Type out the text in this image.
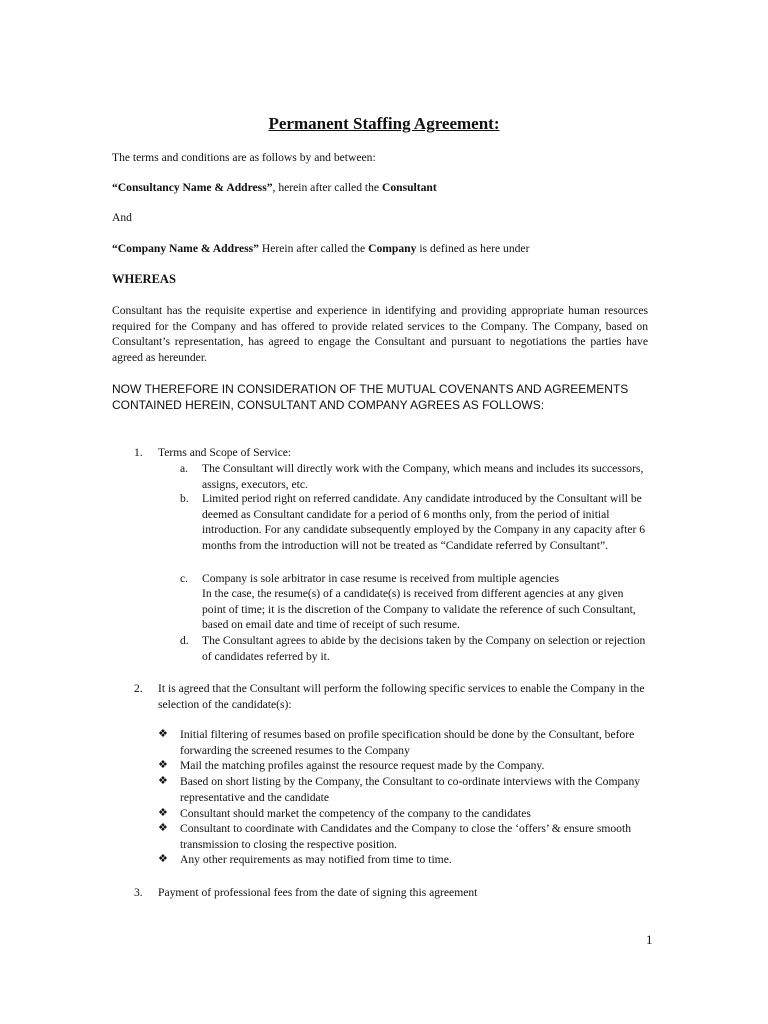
Permanent Staffing Agreement:

The terms and conditions are as follows by and between:

“Consultancy Name & Address”, herein after called the Consultant

And

“Company Name & Address” Herein after called the Company is defined as here under

WHEREAS

Consultant has the requisite expertise and experience in identifying and providing appropriate human resources required for the Company and has offered to provide related services to the Company. The Company, based on Consultant’s representation, has agreed to engage the Consultant and pursuant to negotiations the parties have agreed as hereunder.

NOW THEREFORE IN CONSIDERATION OF THE MUTUAL COVENANTS AND AGREEMENTS CONTAINED HEREIN, CONSULTANT AND COMPANY AGREES AS FOLLOWS:

1. Terms and Scope of Service:
a. The Consultant will directly work with the Company, which means and includes its successors, assigns, executors, etc.
b. Limited period right on referred candidate. Any candidate introduced by the Consultant will be deemed as Consultant candidate for a period of 6 months only, from the period of initial introduction. For any candidate subsequently employed by the Company in any capacity after 6 months from the introduction will not be treated as “Candidate referred by Consultant”.
c. Company is sole arbitrator in case resume is received from multiple agencies
In the case, the resume(s) of a candidate(s) is received from different agencies at any given point of time; it is the discretion of the Company to validate the reference of such Consultant, based on email date and time of receipt of such resume.
d. The Consultant agrees to abide by the decisions taken by the Company on selection or rejection of candidates referred by it.
2. It is agreed that the Consultant will perform the following specific services to enable the Company in the selection of the candidate(s):
❖ Initial filtering of resumes based on profile specification should be done by the Consultant, before forwarding the screened resumes to the Company
❖ Mail the matching profiles against the resource request made by the Company.
❖ Based on short listing by the Company, the Consultant to co-ordinate interviews with the Company representative and the candidate
❖ Consultant should market the competency of the company to the candidates
❖ Consultant to coordinate with Candidates and the Company to close the ‘offers’ & ensure smooth transmission to closing the respective position.
❖ Any other requirements as may notified from time to time.
3. Payment of professional fees from the date of signing this agreement
1
